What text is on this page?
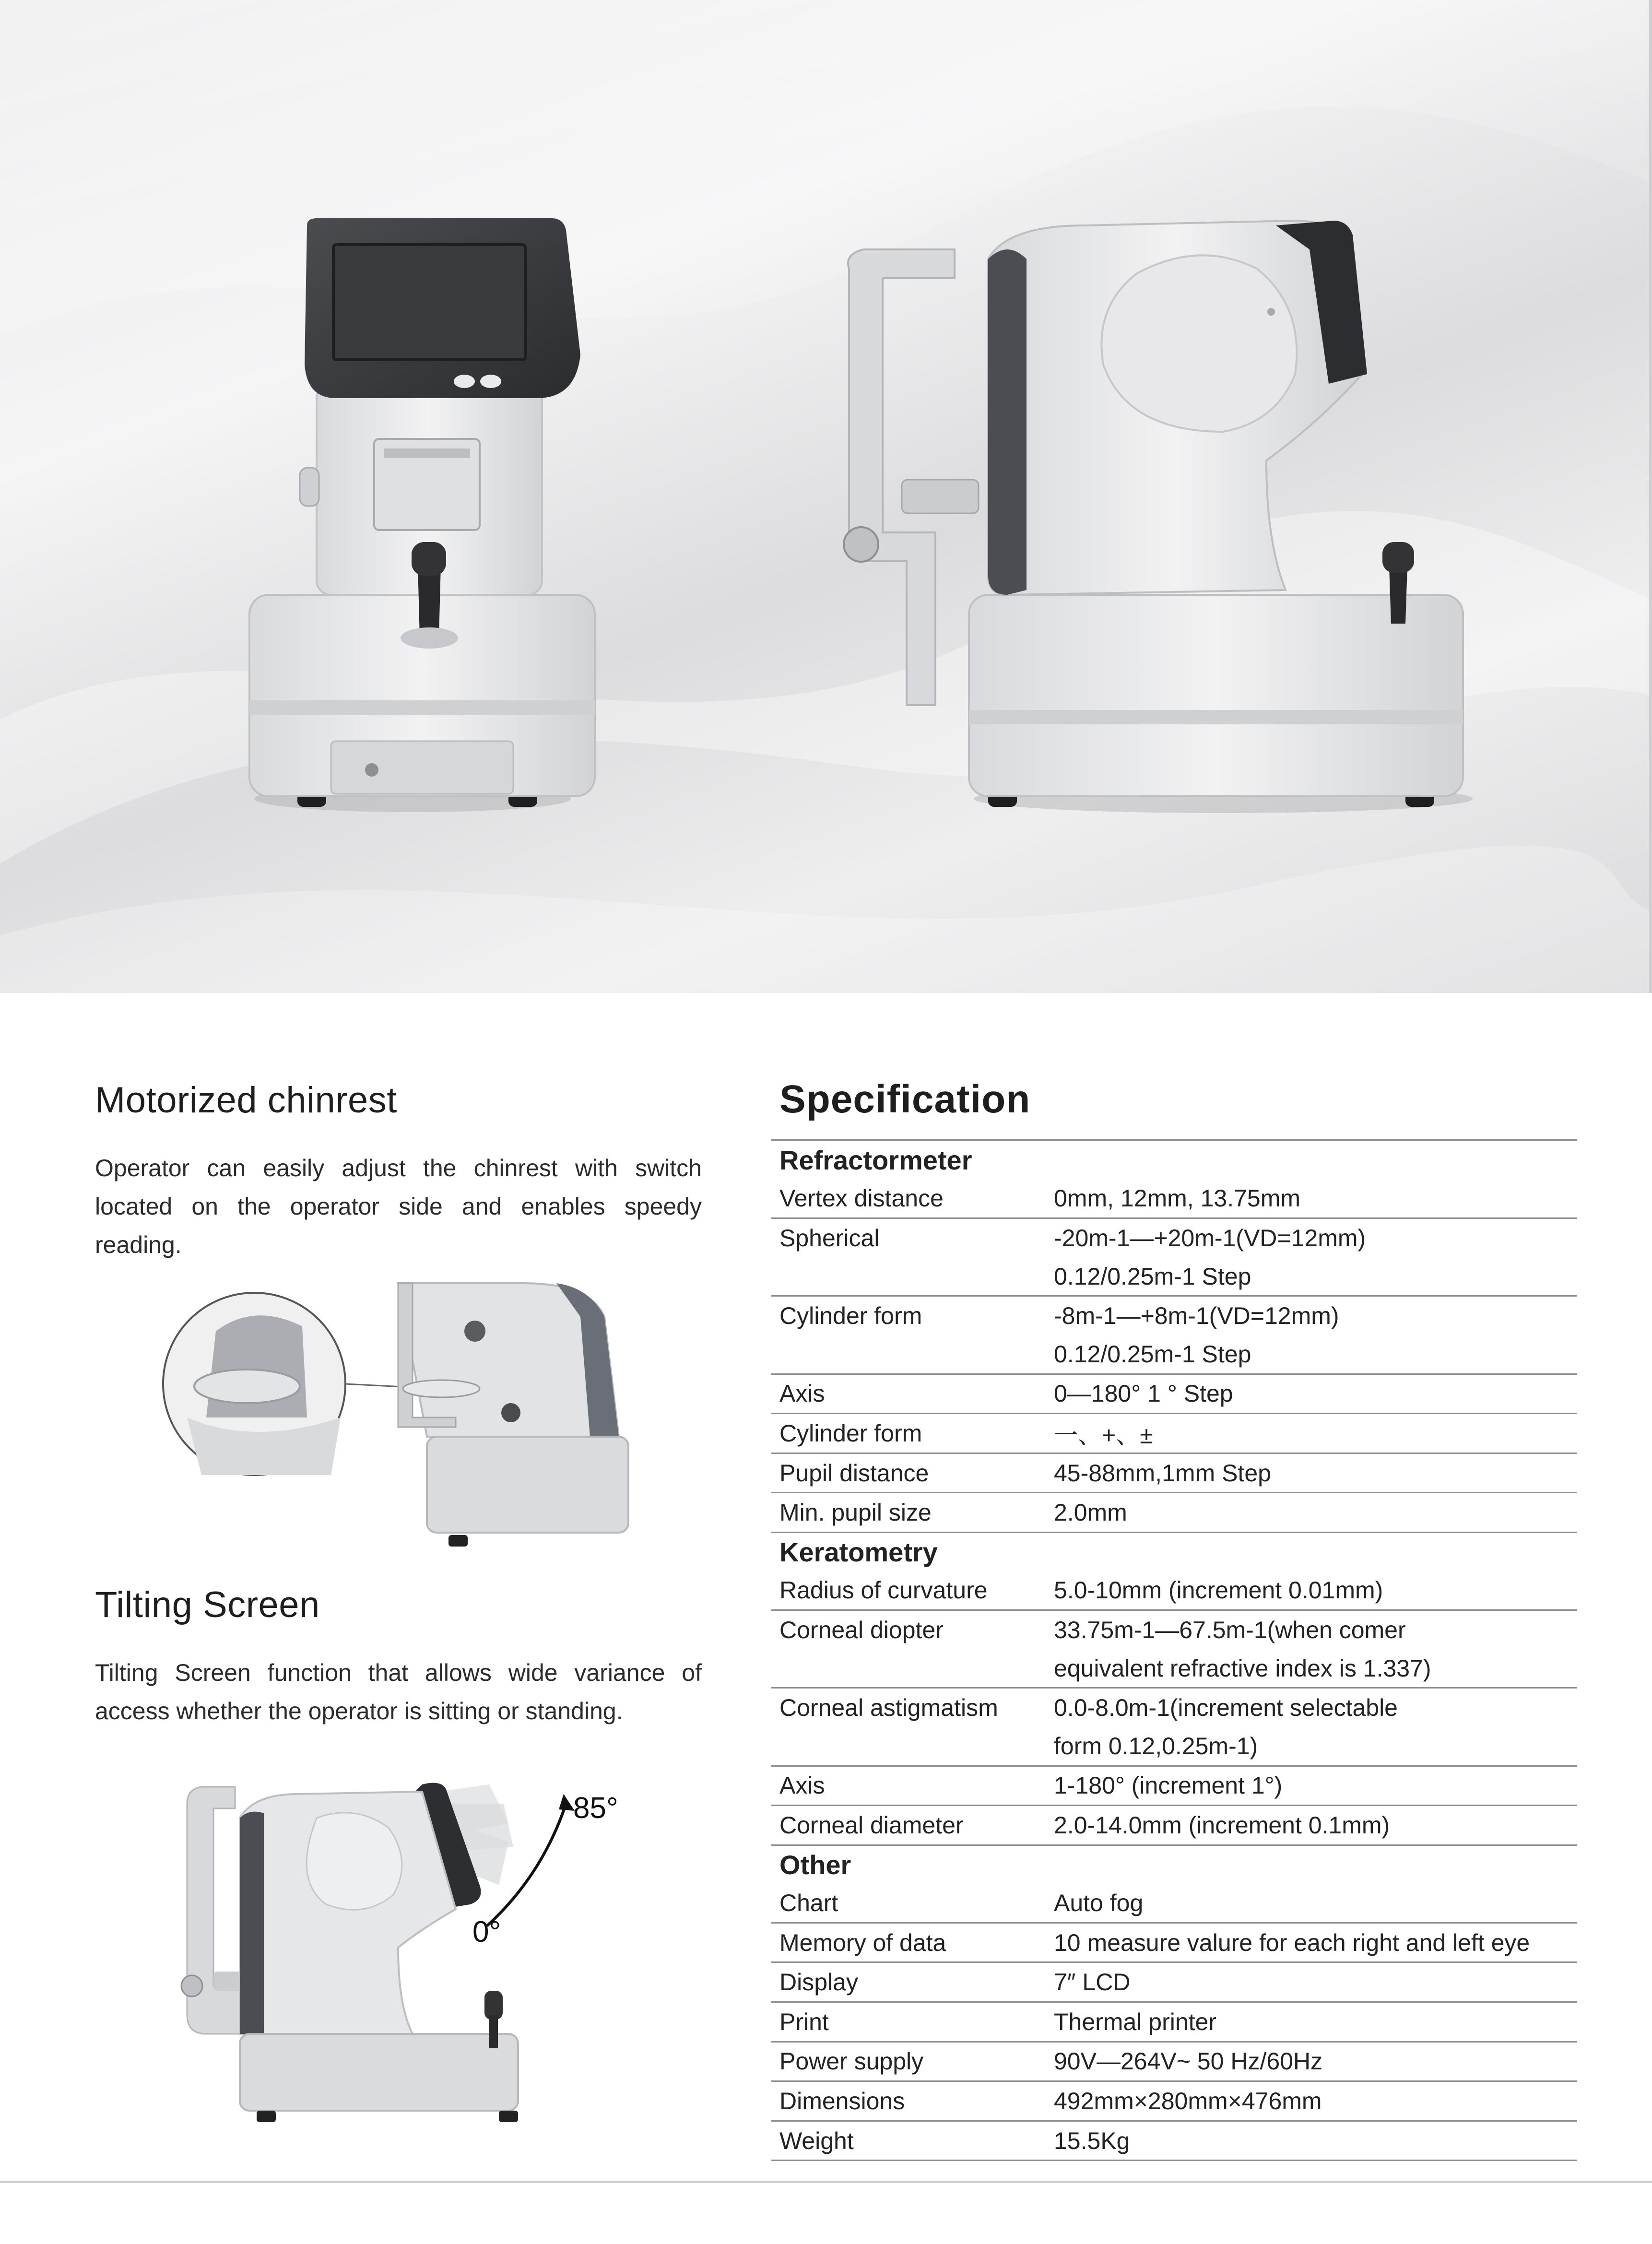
Motorized chinrest

Operator can easily adjust the chinrest with switch located on the operator side and enables speedy reading.

Tilting Screen

Tilting Screen function that allows wide variance of access whether the operator is sitting or standing.

85°
0°
Specification
Refractormeter	
Vertex distance	0mm, 12mm, 13.75mm
Spherical	-20m-1—+20m-1(VD=12mm)
	0.12/0.25m-1 Step
Cylinder form	-8m-1—+8m-1(VD=12mm)
	0.12/0.25m-1 Step
Axis	0—180° 1 ° Step
Cylinder form	一、+、±
Pupil distance	45-88mm,1mm Step
Min. pupil size	2.0mm
Keratometry	
Radius of curvature	5.0-10mm (increment 0.01mm)
Corneal diopter	33.75m-1—67.5m-1(when comer
	equivalent refractive index is 1.337)
Corneal astigmatism	0.0-8.0m-1(increment selectable
	form 0.12,0.25m-1)
Axis	1-180° (increment 1°)
Corneal diameter	2.0-14.0mm (increment 0.1mm)
Other	
Chart	Auto fog
Memory of data	10 measure valure for each right and left eye
Display	7″ LCD
Print	Thermal printer
Power supply	90V—264V~ 50 Hz/60Hz
Dimensions	492mm×280mm×476mm
Weight	15.5Kg
